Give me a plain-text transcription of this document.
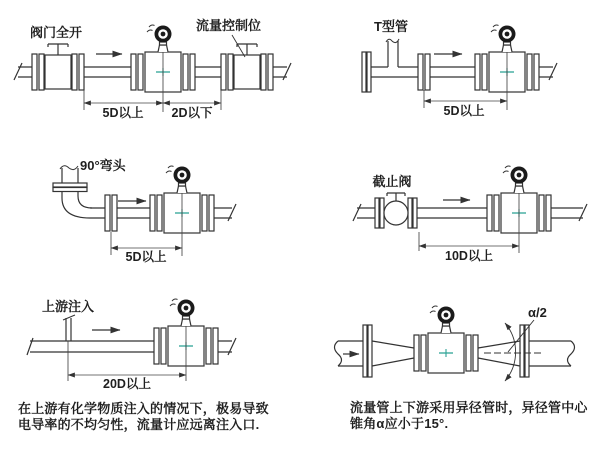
阀门全开	流量控制位
5D以上 2D以下
T型管
5D以上
90°弯头
5D以上
截止阀
10D以上
上游注入
20D以上
在上游有化学物质注入的情况下，极易导致
电导率的不均匀性，流量计应远离注入口.
α/2
流量管上下游采用异径管时，异径管中心
锥角α应小于15°.
